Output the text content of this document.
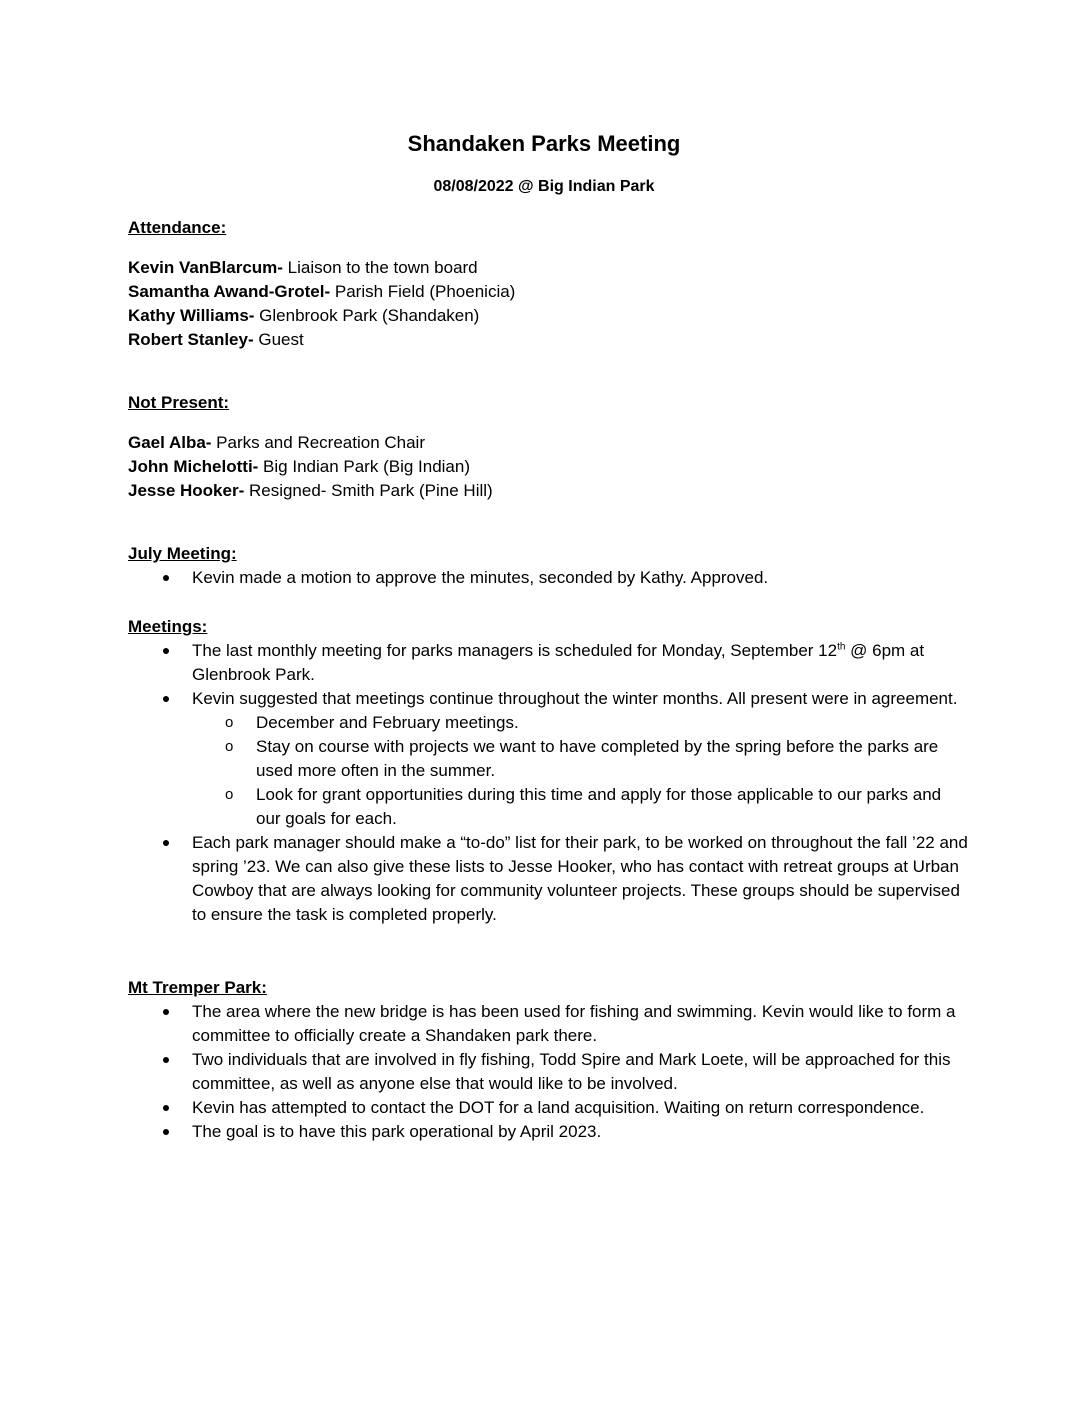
Shandaken Parks Meeting
08/08/2022 @ Big Indian Park

Attendance:

Kevin VanBlarcum- Liaison to the town board

Samantha Awand-Grotel- Parish Field (Phoenicia)

Kathy Williams- Glenbrook Park (Shandaken)

Robert Stanley- Guest

Not Present:

Gael Alba- Parks and Recreation Chair

John Michelotti- Big Indian Park (Big Indian)

Jesse Hooker- Resigned- Smith Park (Pine Hill)

July Meeting:

Kevin made a motion to approve the minutes, seconded by Kathy. Approved.

Meetings:

The last monthly meeting for parks managers is scheduled for Monday, September 12th @ 6pm at Glenbrook Park.
Kevin suggested that meetings continue throughout the winter months. All present were in agreement.
o December and February meetings.
o Stay on course with projects we want to have completed by the spring before the parks are used more often in the summer.
o Look for grant opportunities during this time and apply for those applicable to our parks and our goals for each.
Each park manager should make a “to-do” list for their park, to be worked on throughout the fall ’22 and spring ’23. We can also give these lists to Jesse Hooker, who has contact with retreat groups at Urban Cowboy that are always looking for community volunteer projects. These groups should be supervised to ensure the task is completed properly.

Mt Tremper Park:

The area where the new bridge is has been used for fishing and swimming. Kevin would like to form a committee to officially create a Shandaken park there.
Two individuals that are involved in fly fishing, Todd Spire and Mark Loete, will be approached for this committee, as well as anyone else that would like to be involved.
Kevin has attempted to contact the DOT for a land acquisition. Waiting on return correspondence.
The goal is to have this park operational by April 2023.
